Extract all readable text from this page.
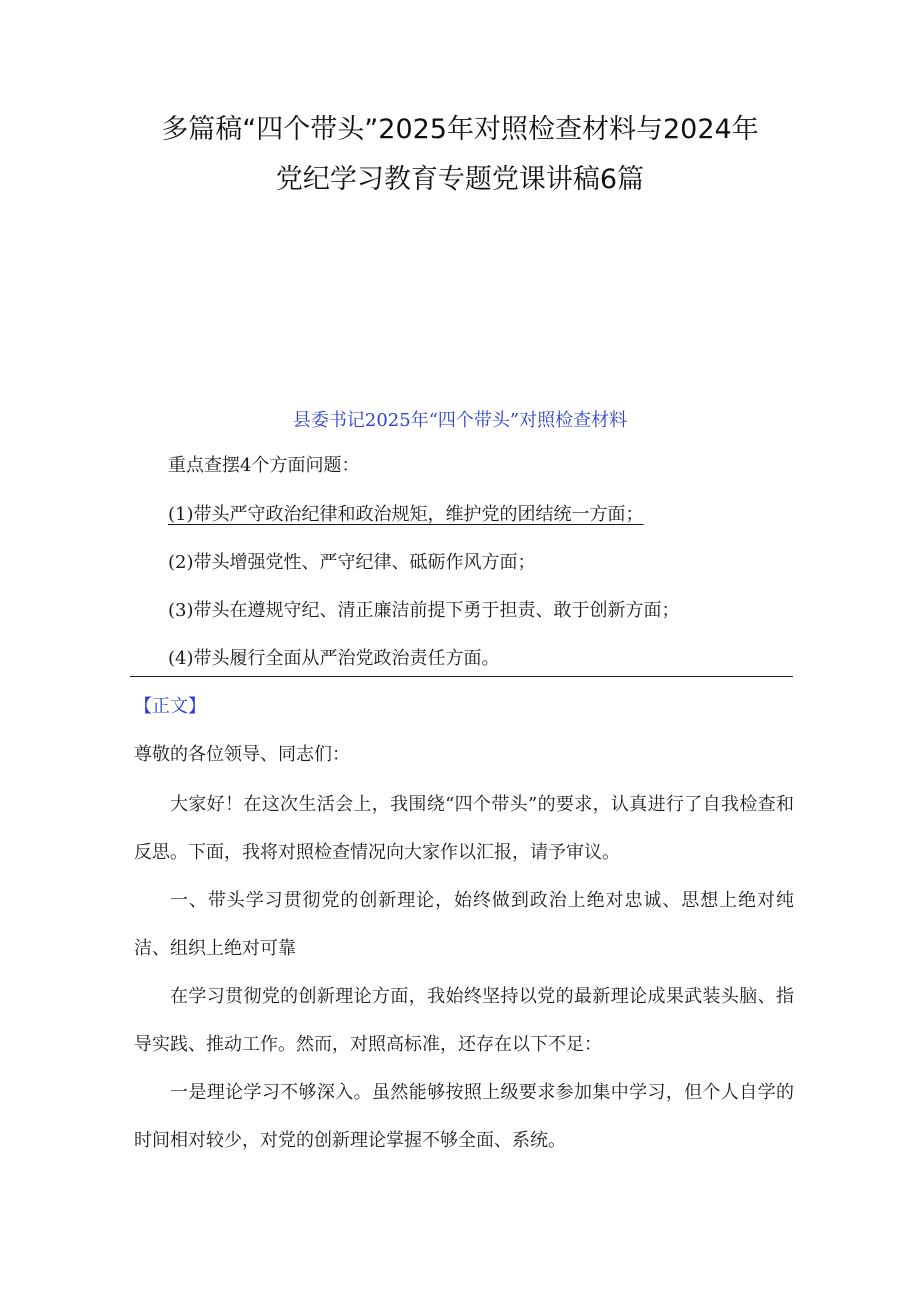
多篇稿“四个带头”2025年对照检查材料与2024年
党纪学习教育专题党课讲稿6篇
县委书记2025年“四个带头”对照检查材料
重点查摆4个方面问题：
(1)带头严守政治纪律和政治规矩，维护党的团结统一方面；
(2)带头增强党性、严守纪律、砥砺作风方面；
(3)带头在遵规守纪、清正廉洁前提下勇于担责、敢于创新方面；
(4)带头履行全面从严治党政治责任方面。
【正文】
尊敬的各位领导、同志们：

大家好！在这次生活会上，我围绕“四个带头”的要求，认真进行了自我检查和反思。下面，我将对照检查情况向大家作以汇报，请予审议。

一、带头学习贯彻党的创新理论，始终做到政治上绝对忠诚、思想上绝对纯洁、组织上绝对可靠

在学习贯彻党的创新理论方面，我始终坚持以党的最新理论成果武装头脑、指导实践、推动工作。然而，对照高标准，还存在以下不足：

一是理论学习不够深入。虽然能够按照上级要求参加集中学习，但个人自学的时间相对较少，对党的创新理论掌握不够全面、系统。
